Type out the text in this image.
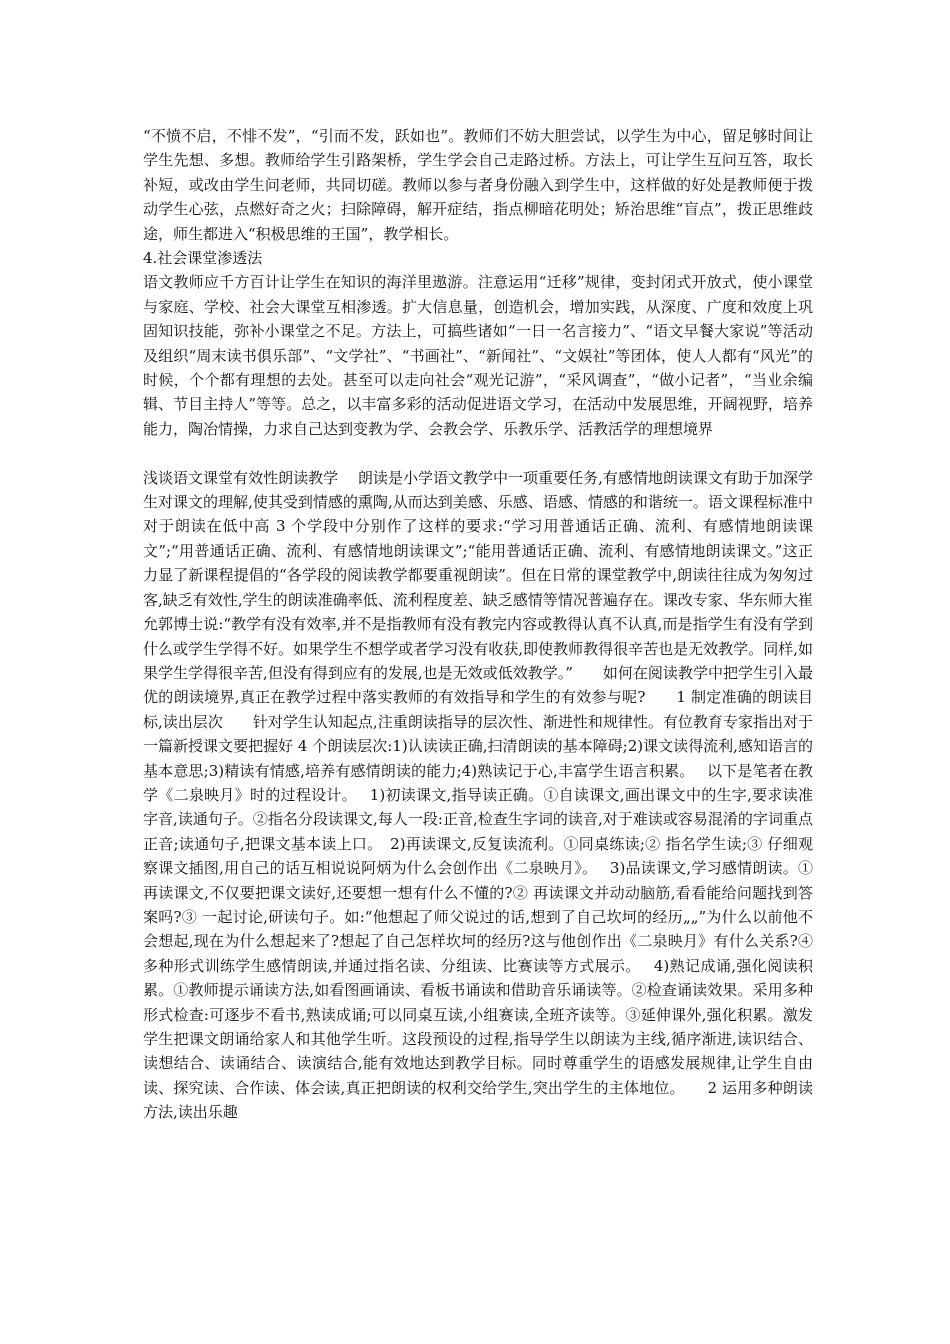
“不愤不启，不悱不发”，“引而不发，跃如也”。教师们不妨大胆尝试，以学生为中心，留足够时间让学生先想、多想。教师给学生引路架桥，学生学会自己走路过桥。方法上，可让学生互问互答，取长补短，或改由学生问老师，共同切磋。教师以参与者身份融入到学生中，这样做的好处是教师便于拨动学生心弦，点燃好奇之火；扫除障碍，解开症结，指点柳暗花明处；矫治思维“盲点”，拨正思维歧途，师生都进入“积极思维的王国”，教学相长。

4.社会课堂渗透法

语文教师应千方百计让学生在知识的海洋里遨游。注意运用“迁移”规律，变封闭式开放式，使小课堂与家庭、学校、社会大课堂互相渗透。扩大信息量，创造机会，增加实践，从深度、广度和效度上巩固知识技能，弥补小课堂之不足。方法上，可搞些诸如“一日一名言接力”、“语文早餐大家说”等活动及组织“周末读书俱乐部”、“文学社”、“书画社”、“新闻社”、“文娱社”等团体，使人人都有“风光”的时候，个个都有理想的去处。甚至可以走向社会“观光记游”，“采风调查”，“做小记者”，“当业余编辑、节目主持人”等等。总之，以丰富多彩的活动促进语文学习，在活动中发展思维，开阔视野，培养能力，陶冶情操，力求自己达到变教为学、会教会学、乐教乐学、活教活学的理想境界

浅谈语文课堂有效性朗读教学　 朗读是小学语文教学中一项重要任务,有感情地朗读课文有助于加深学生对课文的理解,使其受到情感的熏陶,从而达到美感、乐感、语感、情感的和谐统一。语文课程标准中对于朗读在低中高 3 个学段中分别作了这样的要求:“学习用普通话正确、流利、有感情地朗读课文”;“用普通话正确、流利、有感情地朗读课文”;“能用普通话正确、流利、有感情地朗读课文。”这正力显了新课程提倡的“各学段的阅读教学都要重视朗读”。但在日常的课堂教学中,朗读往往成为匆匆过客,缺乏有效性,学生的朗读准确率低、流利程度差、缺乏感情等情况普遍存在。课改专家、华东师大崔允郭博士说:“教学有没有效率,并不是指教师有没有教完内容或教得认真不认真,而是指学生有没有学到什么或学生学得不好。如果学生不想学或者学习没有收获,即使教师教得很辛苦也是无效教学。同样,如果学生学得很辛苦,但没有得到应有的发展,也是无效或低效教学。”　　如何在阅读教学中把学生引入最优的朗读境界,真正在教学过程中落实教师的有效指导和学生的有效参与呢?　　1 制定准确的朗读目标,读出层次　　针对学生认知起点,注重朗读指导的层次性、渐进性和规律性。有位教育专家指出对于一篇新授课文要把握好 4 个朗读层次:1)认读读正确,扫清朗读的基本障碍;2)课文读得流利,感知语言的基本意思;3)精读有情感,培养有感情朗读的能力;4)熟读记于心,丰富学生语言积累。　 以下是笔者在教学《二泉映月》时的过程设计。　 1)初读课文,指导读正确。①自读课文,画出课文中的生字,要求读准字音,读通句子。②指名分段读课文,每人一段:正音,检查生字词的读音,对于难读或容易混淆的字词重点正音;读通句子,把课文基本读上口。　2)再读课文,反复读流利。①同桌练读;② 指名学生读;③ 仔细观察课文插图,用自己的话互相说说阿炳为什么会创作出《二泉映月》。　 3)品读课文,学习感情朗读。①再读课文,不仅要把课文读好,还要想一想有什么不懂的?② 再读课文并动动脑筋,看看能给问题找到答案吗?③ 一起讨论,研读句子。如:“他想起了师父说过的话,想到了自己坎坷的经历„„”为什么以前他不会想起,现在为什么想起来了?想起了自己怎样坎坷的经历?这与他创作出《二泉映月》有什么关系?④ 多种形式训练学生感情朗读,并通过指名读、分组读、比赛读等方式展示。　 4)熟记成诵,强化阅读积累。①教师提示诵读方法,如看图画诵读、看板书诵读和借助音乐诵读等。②检查诵读效果。采用多种形式检查:可逐步不看书,熟读成诵;可以同桌互读,小组赛读,全班齐读等。③延伸课外,强化积累。激发学生把课文朗诵给家人和其他学生听。这段预设的过程,指导学生以朗读为主线,循序渐进,读识结合、读想结合、读诵结合、读演结合,能有效地达到教学目标。同时尊重学生的语感发展规律,让学生自由读、探究读、合作读、体会读,真正把朗读的权利交给学生,突出学生的主体地位。　　2 运用多种朗读方法,读出乐趣
